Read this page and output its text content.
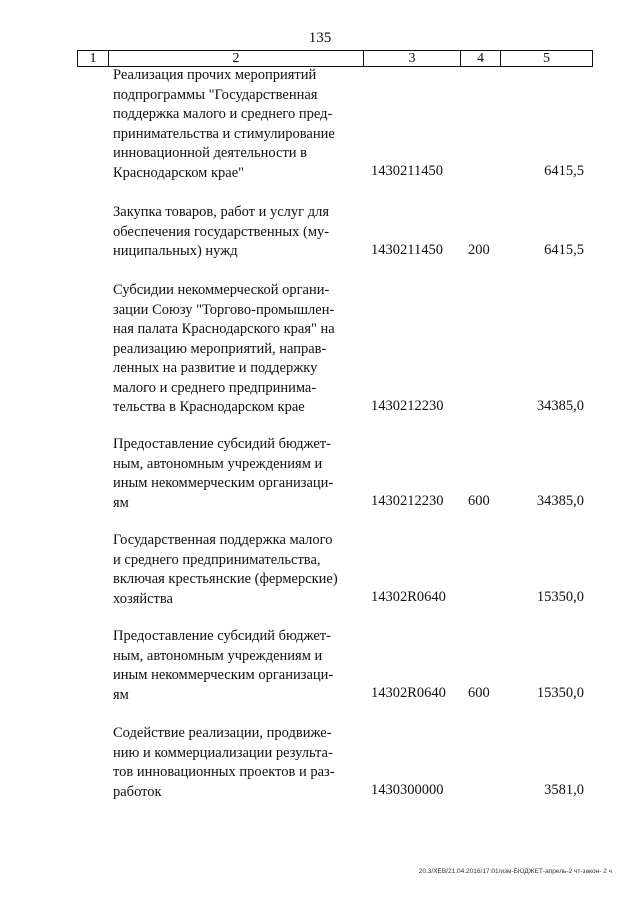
135
1	2	3	4	5
Реализация прочих мероприятий
подпрограммы "Государственная
поддержка малого и среднего пред-
принимательства и стимулирование
инновационной деятельности в
Краснодарском крае"	1430211450	6415,5
Закупка товаров, работ и услуг для
обеспечения государственных (му-
ниципальных) нужд	1430211450 200	6415,5
Субсидии некоммерческой органи-
зации Союзу "Торгово-промышлен-
ная палата Краснодарского края" на
реализацию мероприятий, направ-
ленных на развитие и поддержку
малого и среднего предпринима-
тельства в Краснодарском крае	1430212230	34385,0
Предоставление субсидий бюджет-
ным, автономным учреждениям и
иным некоммерческим организаци-
ям	1430212230 600	34385,0
Государственная поддержка малого
и среднего предпринимательства,
включая крестьянские (фермерские)
хозяйства	14302R0640	15350,0
Предоставление субсидий бюджет-
ным, автономным учреждениям и
иным некоммерческим организаци-
ям	14302R0640 600	15350,0
Содействие реализации, продвиже-
нию и коммерциализации результа-
тов инновационных проектов и раз-
работок	1430300000	3581,0
20.3/ХЕВ/21.04.2016/17:01/изм-БЮДЖЕТ-апрель-2 чт-закон- 2 ч
